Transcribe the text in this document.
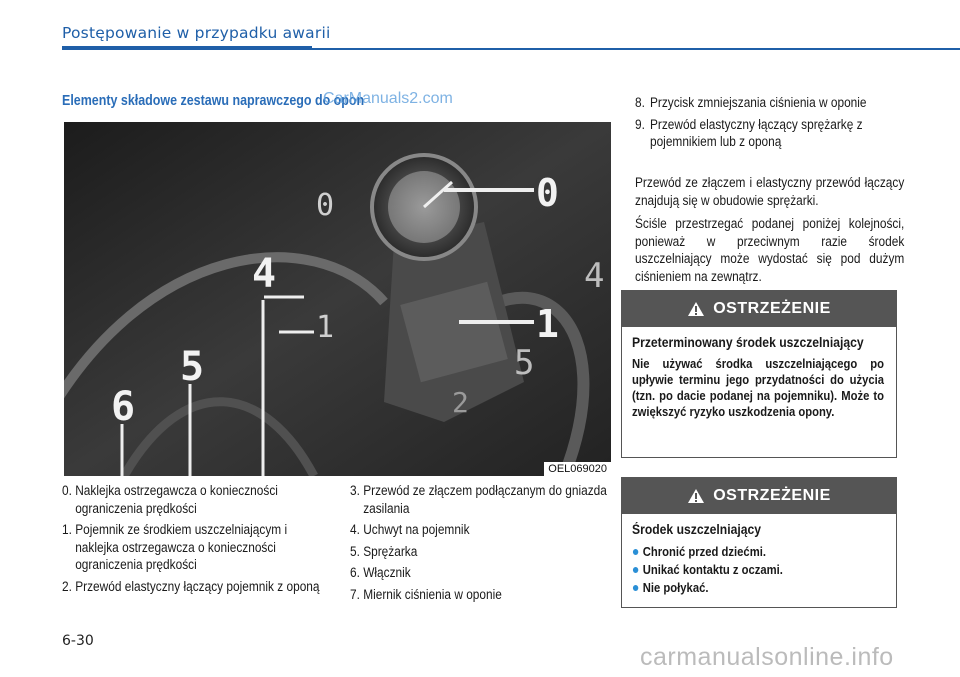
Postępowanie w przypadku awarii
Elementy składowe zestawu naprawczego do opon
CarManuals2.com
0
4
1
5
6
0
1
5
4
2
OEL069020
0. Naklejka ostrzegawcza o konieczności ograniczenia prędkości
1. Pojemnik ze środkiem uszczelniającym i naklejka ostrzegawcza o konieczności ograniczenia prędkości
2. Przewód elastyczny łączący pojemnik z oponą
3. Przewód ze złączem podłączanym do gniazda zasilania
4. Uchwyt na pojemnik
5. Sprężarka
6. Włącznik
7. Miernik ciśnienia w oponie
8. Przycisk zmniejszania ciśnienia w oponie
9. Przewód elastyczny łączący sprężarkę z pojemnikiem lub z oponą

Przewód ze złączem i elastyczny przewód łączący znajdują się w obudowie sprężarki.

Ściśle przestrzegać podanej poniżej kolejności, ponieważ w przeciwnym razie środek uszczelniający może wydostać się pod dużym ciśnieniem na zewnątrz.

OSTRZEŻENIE
Przeterminowany środek uszczelniający
Nie używać środka uszczelniającego po upływie terminu jego przydatności do użycia (tzn. po dacie podanej na pojemniku). Może to zwiększyć ryzyko uszkodzenia opony.
OSTRZEŻENIE
Środek uszczelniający
Chronić przed dziećmi.
Unikać kontaktu z oczami.
Nie połykać.
6-30
carmanualsonline.info
